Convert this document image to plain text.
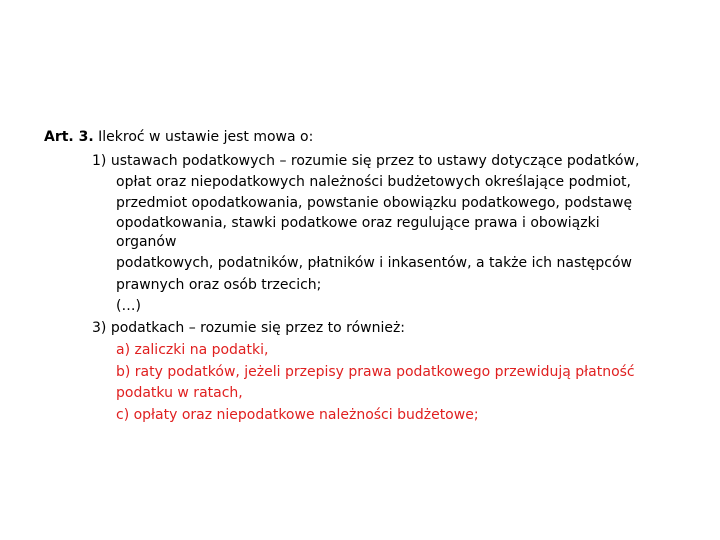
Art. 3. Ilekroć w ustawie jest mowa o:
1) ustawach podatkowych – rozumie się przez to ustawy dotyczące podatków,
opłat oraz niepodatkowych należności budżetowych określające podmiot,
przedmiot opodatkowania, powstanie obowiązku podatkowego, podstawę
opodatkowania, stawki podatkowe oraz regulujące prawa i obowiązki
organów
podatkowych, podatników, płatników i inkasentów, a także ich następców
prawnych oraz osób trzecich;
(…)
3) podatkach – rozumie się przez to również:
a) zaliczki na podatki,
b) raty podatków, jeżeli przepisy prawa podatkowego przewidują płatność
podatku w ratach,
c) opłaty oraz niepodatkowe należności budżetowe;
